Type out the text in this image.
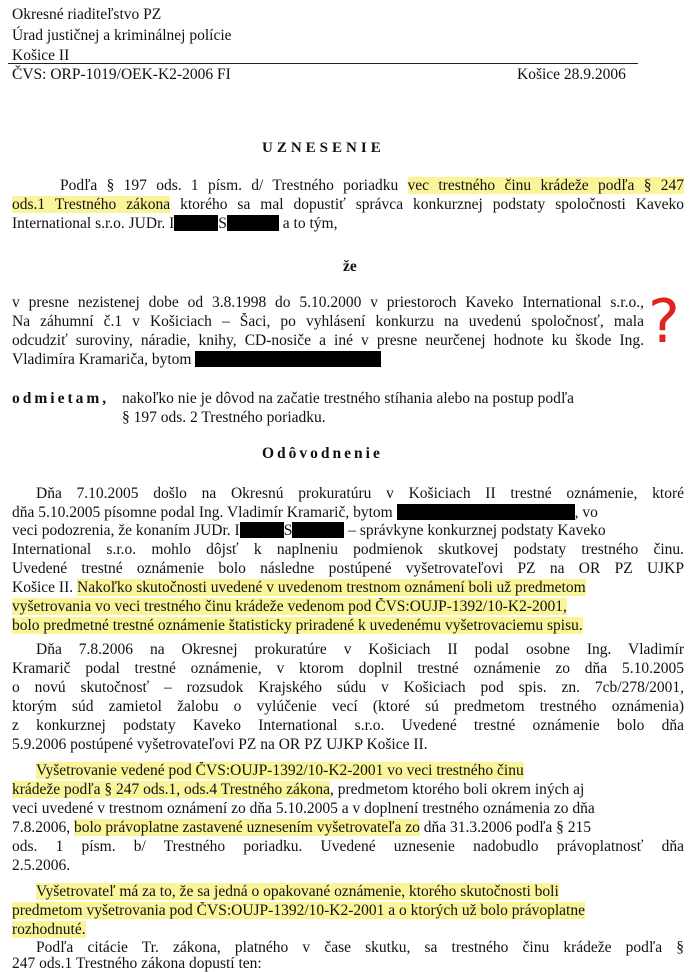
Okresné riaditeľstvo PZ
Úrad justičnej a kriminálnej polície
Košice II
ČVS: ORP-1019/OEK-K2-2006 FI	Košice 28.9.2006
UZNESENIE
Podľa § 197 ods. 1 písm. d/ Trestného poriadku vec trestného činu krádeže podľa § 247
ods.1 Trestného zákona ktorého sa mal dopustiť správca konkurznej podstaty spoločnosti Kaveko
International s.r.o. JUDr. I	S	a to tým,
že
v presne nezistenej dobe od 3.8.1998 do 5.10.2000 v priestoroch Kaveko International s.r.o.,
Na záhumní č.1 v Košiciach – Šaci, po vyhlásení konkurzu na uvedenú spoločnosť, mala
odcudziť suroviny, náradie, knihy, CD-nosiče a iné v presne neurčenej hodnote ku škode Ing.
Vladimíra Kramariča, bytom
?
odmietam, nakoľko nie je dôvod na začatie trestného stíhania alebo na postup podľa
§ 197 ods. 2 Trestného poriadku.
Odôvodnenie
Dňa 7.10.2005 došlo na Okresnú prokuratúru v Košiciach II trestné oznámenie, ktoré
dňa 5.10.2005 písomne podal Ing. Vladimír Kramarič, bytom	, vo
veci podozrenia, že konaním JUDr. I	S	– správkyne konkurznej podstaty Kaveko
International s.r.o. mohlo dôjsť k naplneniu podmienok skutkovej podstaty trestného činu.
Uvedené trestné oznámenie bolo následne postúpené vyšetrovateľovi PZ na OR PZ UJKP
Košice II. Nakoľko skutočnosti uvedené v uvedenom trestnom oznámení boli už predmetom
vyšetrovania vo veci trestného činu krádeže vedenom pod ČVS:OUJP-1392/10-K2-2001,
bolo predmetné trestné oznámenie štatisticky priradené k uvedenému vyšetrovaciemu spisu.
Dňa 7.8.2006 na Okresnej prokuratúre v Košiciach II podal osobne Ing. Vladimír
Kramarič podal trestné oznámenie, v ktorom doplnil trestné oznámenie zo dňa 5.10.2005
o novú skutočnosť – rozsudok Krajského súdu v Košiciach pod spis. zn. 7cb/278/2001,
ktorým súd zamietol žalobu o vylúčenie vecí (ktoré sú predmetom trestného oznámenia)
z konkurznej podstaty Kaveko International s.r.o. Uvedené trestné oznámenie bolo dňa
5.9.2006 postúpené vyšetrovateľovi PZ na OR PZ UJKP Košice II.
Vyšetrovanie vedené pod ČVS:OUJP-1392/10-K2-2001 vo veci trestného činu
krádeže podľa § 247 ods.1, ods.4 Trestného zákona, predmetom ktorého boli okrem iných aj
veci uvedené v trestnom oznámení zo dňa 5.10.2005 a v doplnení trestného oznámenia zo dňa
7.8.2006, bolo právoplatne zastavené uznesením vyšetrovateľa zo dňa 31.3.2006 podľa § 215
ods. 1 písm. b/ Trestného poriadku. Uvedené uznesenie nadobudlo právoplatnosť dňa
2.5.2006.
Vyšetrovateľ má za to, že sa jedná o opakované oznámenie, ktorého skutočnosti boli
predmetom vyšetrovania pod ČVS:OUJP-1392/10-K2-2001 a o ktorých už bolo právoplatne
rozhodnuté.
Podľa citácie Tr. zákona, platného v čase skutku, sa trestného činu krádeže podľa §
247 ods.1 Trestného zákona dopustí ten:
